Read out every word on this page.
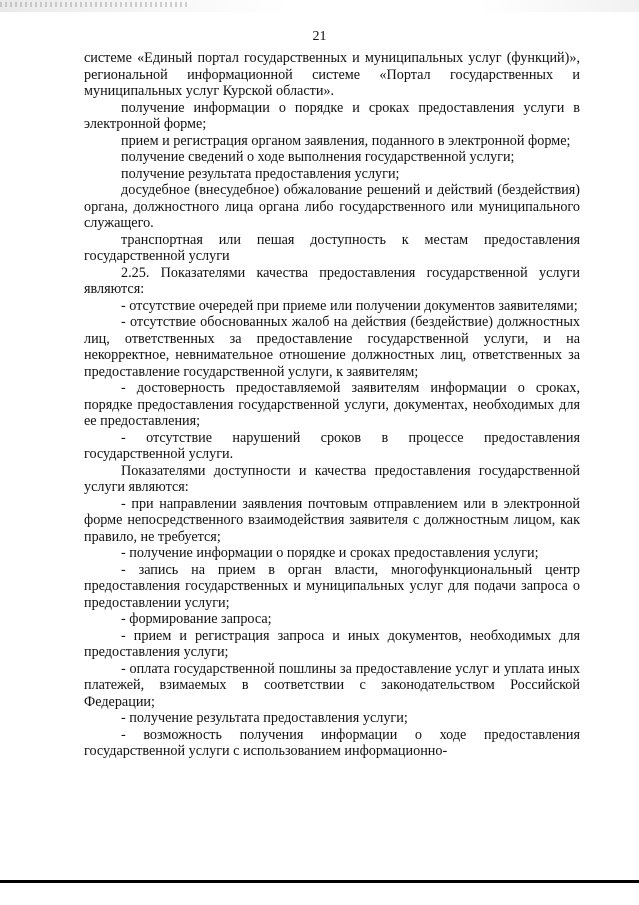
21

системе «Единый портал государственных и муниципальных услуг (функций)», региональной информационной системе «Портал государственных и муниципальных услуг Курской области».

получение информации о порядке и сроках предоставления услуги в электронной форме;

прием и регистрация органом заявления, поданного в электронной форме;

получение сведений о ходе выполнения государственной услуги;

получение результата предоставления услуги;

досудебное (внесудебное) обжалование решений и действий (бездействия) органа, должностного лица органа либо государственного или муниципального служащего.

транспортная или пешая доступность к местам предоставления государственной услуги

2.25. Показателями качества предоставления государственной услуги являются:

- отсутствие очередей при приеме или получении документов заявителями;

- отсутствие обоснованных жалоб на действия (бездействие) должностных лиц, ответственных за предоставление государственной услуги, и на некорректное, невнимательное отношение должностных лиц, ответственных за предоставление государственной услуги, к заявителям;

- достоверность предоставляемой заявителям информации о сроках, порядке предоставления государственной услуги, документах, необходимых для ее предоставления;

- отсутствие нарушений сроков в процессе предоставления государственной услуги.

Показателями доступности и качества предоставления государственной услуги являются:

- при направлении заявления почтовым отправлением или в электронной форме непосредственного взаимодействия заявителя с должностным лицом, как правило, не требуется;

- получение информации о порядке и сроках предоставления услуги;

- запись на прием в орган власти, многофункциональный центр предоставления государственных и муниципальных услуг для подачи запроса о предоставлении услуги;

- формирование запроса;

- прием и регистрация запроса и иных документов, необходимых для предоставления услуги;

- оплата государственной пошлины за предоставление услуг и уплата иных платежей, взимаемых в соответствии с законодательством Российской Федерации;

- получение результата предоставления услуги;

- возможность получения информации о ходе предоставления государственной услуги с использованием информационно-
